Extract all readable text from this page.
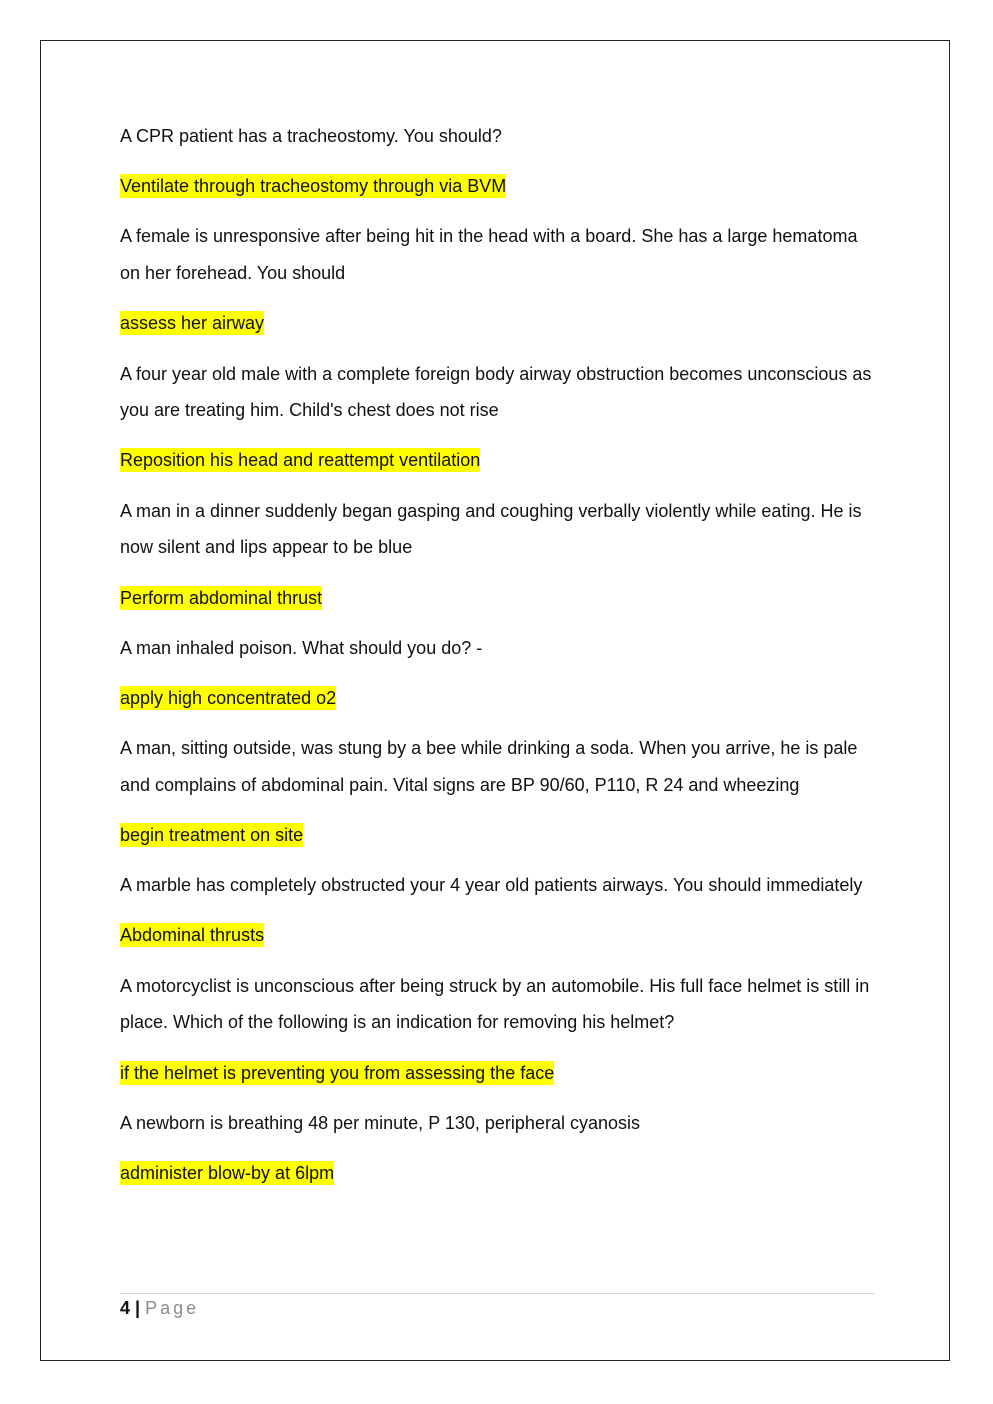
A CPR patient has a tracheostomy. You should?

Ventilate through tracheostomy through via BVM

A female is unresponsive after being hit in the head with a board. She has a large hematoma on her forehead. You should

assess her airway

A four year old male with a complete foreign body airway obstruction becomes unconscious as you are treating him. Child's chest does not rise

Reposition his head and reattempt ventilation

A man in a dinner suddenly began gasping and coughing verbally violently while eating. He is now silent and lips appear to be blue

Perform abdominal thrust

A man inhaled poison. What should you do? -

apply high concentrated o2

A man, sitting outside, was stung by a bee while drinking a soda. When you arrive, he is pale and complains of abdominal pain. Vital signs are BP 90/60, P110, R 24 and wheezing

begin treatment on site

A marble has completely obstructed your 4 year old patients airways. You should immediately

Abdominal thrusts

A motorcyclist is unconscious after being struck by an automobile. His full face helmet is still in place. Which of the following is an indication for removing his helmet?

if the helmet is preventing you from assessing the face

A newborn is breathing 48 per minute, P 130, peripheral cyanosis

administer blow-by at 6lpm

4 | Page
